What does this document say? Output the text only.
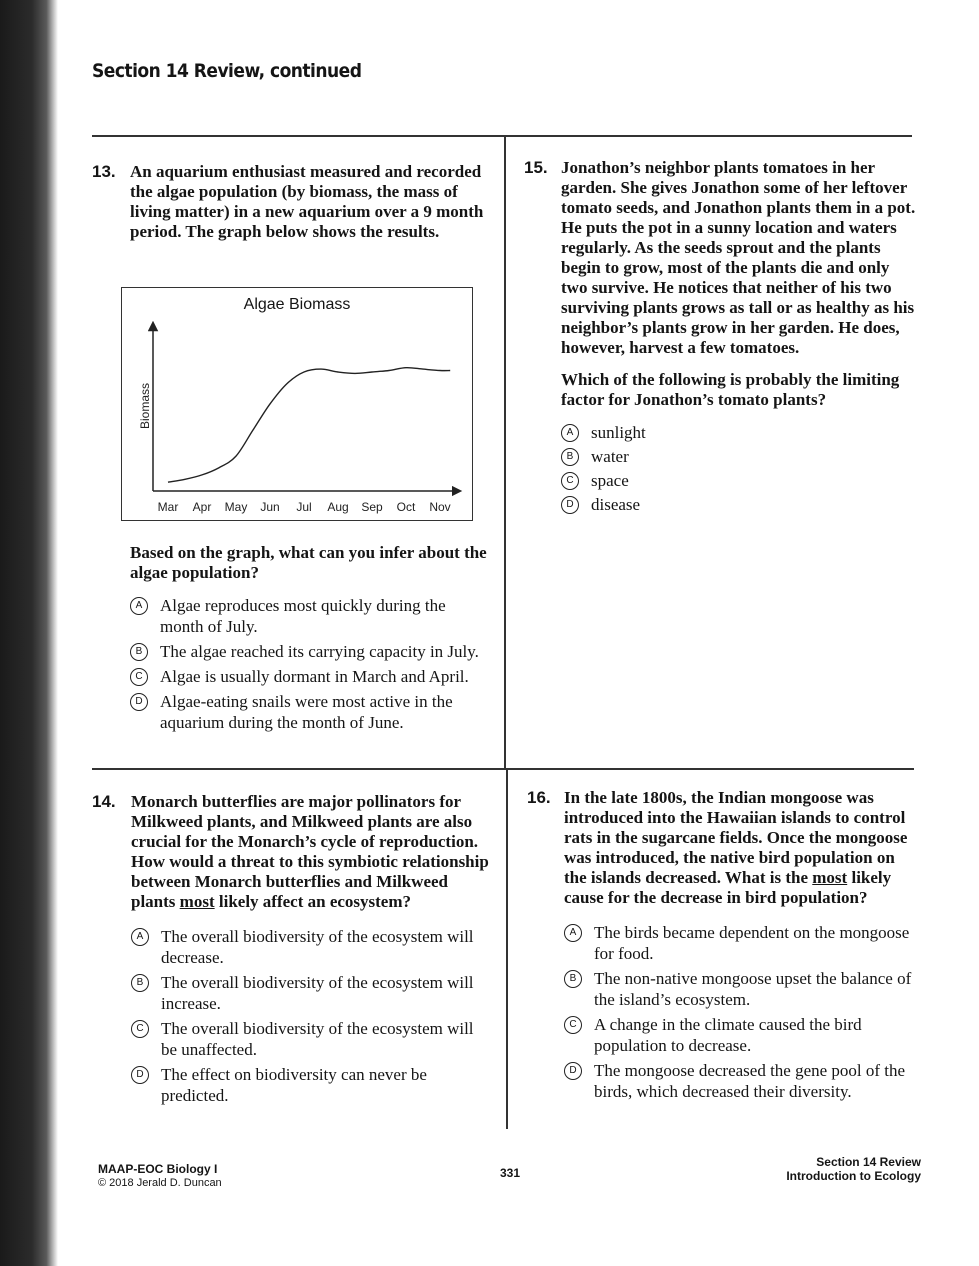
Section 14 Review, continued
13. An aquarium enthusiast measured and recorded the algae population (by biomass, the mass of living matter) in a new aquarium over a 9 month period. The graph below shows the results.
Algae Biomass
Biomass
Mar Apr May Jun Jul Aug Sep Oct Nov
Based on the graph, what can you infer about the algae population?
A	Algae reproduces most quickly during the month of July.
B	The algae reached its carrying capacity in July.
C	Algae is usually dormant in March and April.
D	Algae-eating snails were most active in the aquarium during the month of June.
14. Monarch butterflies are major pollinators for Milkweed plants, and Milkweed plants are also crucial for the Monarch’s cycle of reproduction. How would a threat to this symbiotic relationship between Monarch butterflies and Milkweed plants most likely affect an ecosystem?
A	The overall biodiversity of the ecosystem will decrease.
B	The overall biodiversity of the ecosystem will increase.
C	The overall biodiversity of the ecosystem will be unaffected.
D	The effect on biodiversity can never be predicted.
15. Jonathon’s neighbor plants tomatoes in her garden. She gives Jonathon some of her leftover tomato seeds, and Jonathon plants them in a pot. He puts the pot in a sunny location and waters regularly. As the seeds sprout and the plants begin to grow, most of the plants die and only two survive. He notices that neither of his two surviving plants grows as tall or as healthy as his neighbor’s plants grow in her garden. He does, however, harvest a few tomatoes.
Which of the following is probably the limiting factor for Jonathon’s tomato plants?
A	sunlight
B	water
C	space
D	disease
16. In the late 1800s, the Indian mongoose was introduced into the Hawaiian islands to control rats in the sugarcane fields. Once the mongoose was introduced, the native bird population on the islands decreased. What is the most likely cause for the decrease in bird population?
A	The birds became dependent on the mongoose for food.
B	The non-native mongoose upset the balance of the island’s ecosystem.
C	A change in the climate caused the bird population to decrease.
D	The mongoose decreased the gene pool of the birds, which decreased their diversity.
MAAP-EOC Biology I
© 2018 Jerald D. Duncan
331
Section 14 Review
Introduction to Ecology
